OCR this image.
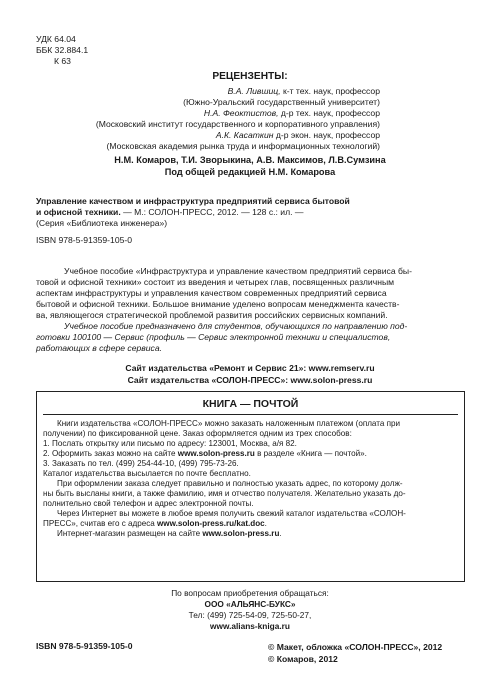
УДК 64.04
ББК 32.884.1
К 63
РЕЦЕНЗЕНТЫ:
В.А. Лившиц, к-т тех. наук, профессор
(Южно-Уральский государственный университет)
Н.А. Феоктистов, д-р тех. наук, профессор
(Московский институт государственного и корпоративного управления)
А.К. Касаткин д-р экон. наук, профессор
(Московская академия рынка труда и информационных технологий)
Н.М. Комаров, Т.И. Зворыкина, А.В. Максимов, Л.В.Сумзина
Под общей редакцией Н.М. Комарова
Управление качеством и инфраструктура предприятий сервиса бытовой
и офисной техники. — М.: СОЛОН-ПРЕСС, 2012. — 128 с.: ил. —
(Серия «Библиотека инженера»)
ISBN 978-5-91359-105-0
Учебное пособие «Инфраструктура и управление качеством предприятий сервиса бы-
товой и офисной техники» состоит из введения и четырех глав, посвященных различным
аспектам инфраструктуры и управления качеством современных предприятий сервиса
бытовой и офисной техники. Большое внимание уделено вопросам менеджмента качеств-
ва, являющегося стратегической проблемой развития российских сервисных компаний.
Учебное пособие предназначено для студентов, обучающихся по направлению под-
готовки 100100 — Сервис (профиль — Сервис электронной техники и специалистов,
работающих в сфере сервиса.
Сайт издательства «Ремонт и Сервис 21»: www.remserv.ru
Сайт издательства «СОЛОН-ПРЕСС»: www.solon-press.ru
КНИГА — ПОЧТОЙ
Книги издательства «СОЛОН-ПРЕСС» можно заказать наложенным платежом (оплата при
получении) по фиксированной цене. Заказ оформляется одним из трех способов:
1. Послать открытку или письмо по адресу: 123001, Москва, а/я 82.
2. Оформить заказ можно на сайте www.solon-press.ru в разделе «Книга — почтой».
3. Заказать по тел. (499) 254-44-10, (499) 795-73-26.
Каталог издательства высылается по почте бесплатно.
При оформлении заказа следует правильно и полностью указать адрес, по которому долж-
ны быть высланы книги, а также фамилию, имя и отчество получателя. Желательно указать до-
полнительно свой телефон и адрес электронной почты.
Через Интернет вы можете в любое время получить свежий каталог издательства «СОЛОН-
ПРЕСС», считав его с адреса www.solon-press.ru/kat.doc.
Интернет-магазин размещен на сайте www.solon-press.ru.
По вопросам приобретения обращаться:
ООО «АЛЬЯНС-БУКС»
Тел: (499) 725-54-09, 725-50-27,
www.alians-kniga.ru
ISBN 978-5-91359-105-0	© Макет, обложка «СОЛОН-ПРЕСС», 2012
© Комаров, 2012
